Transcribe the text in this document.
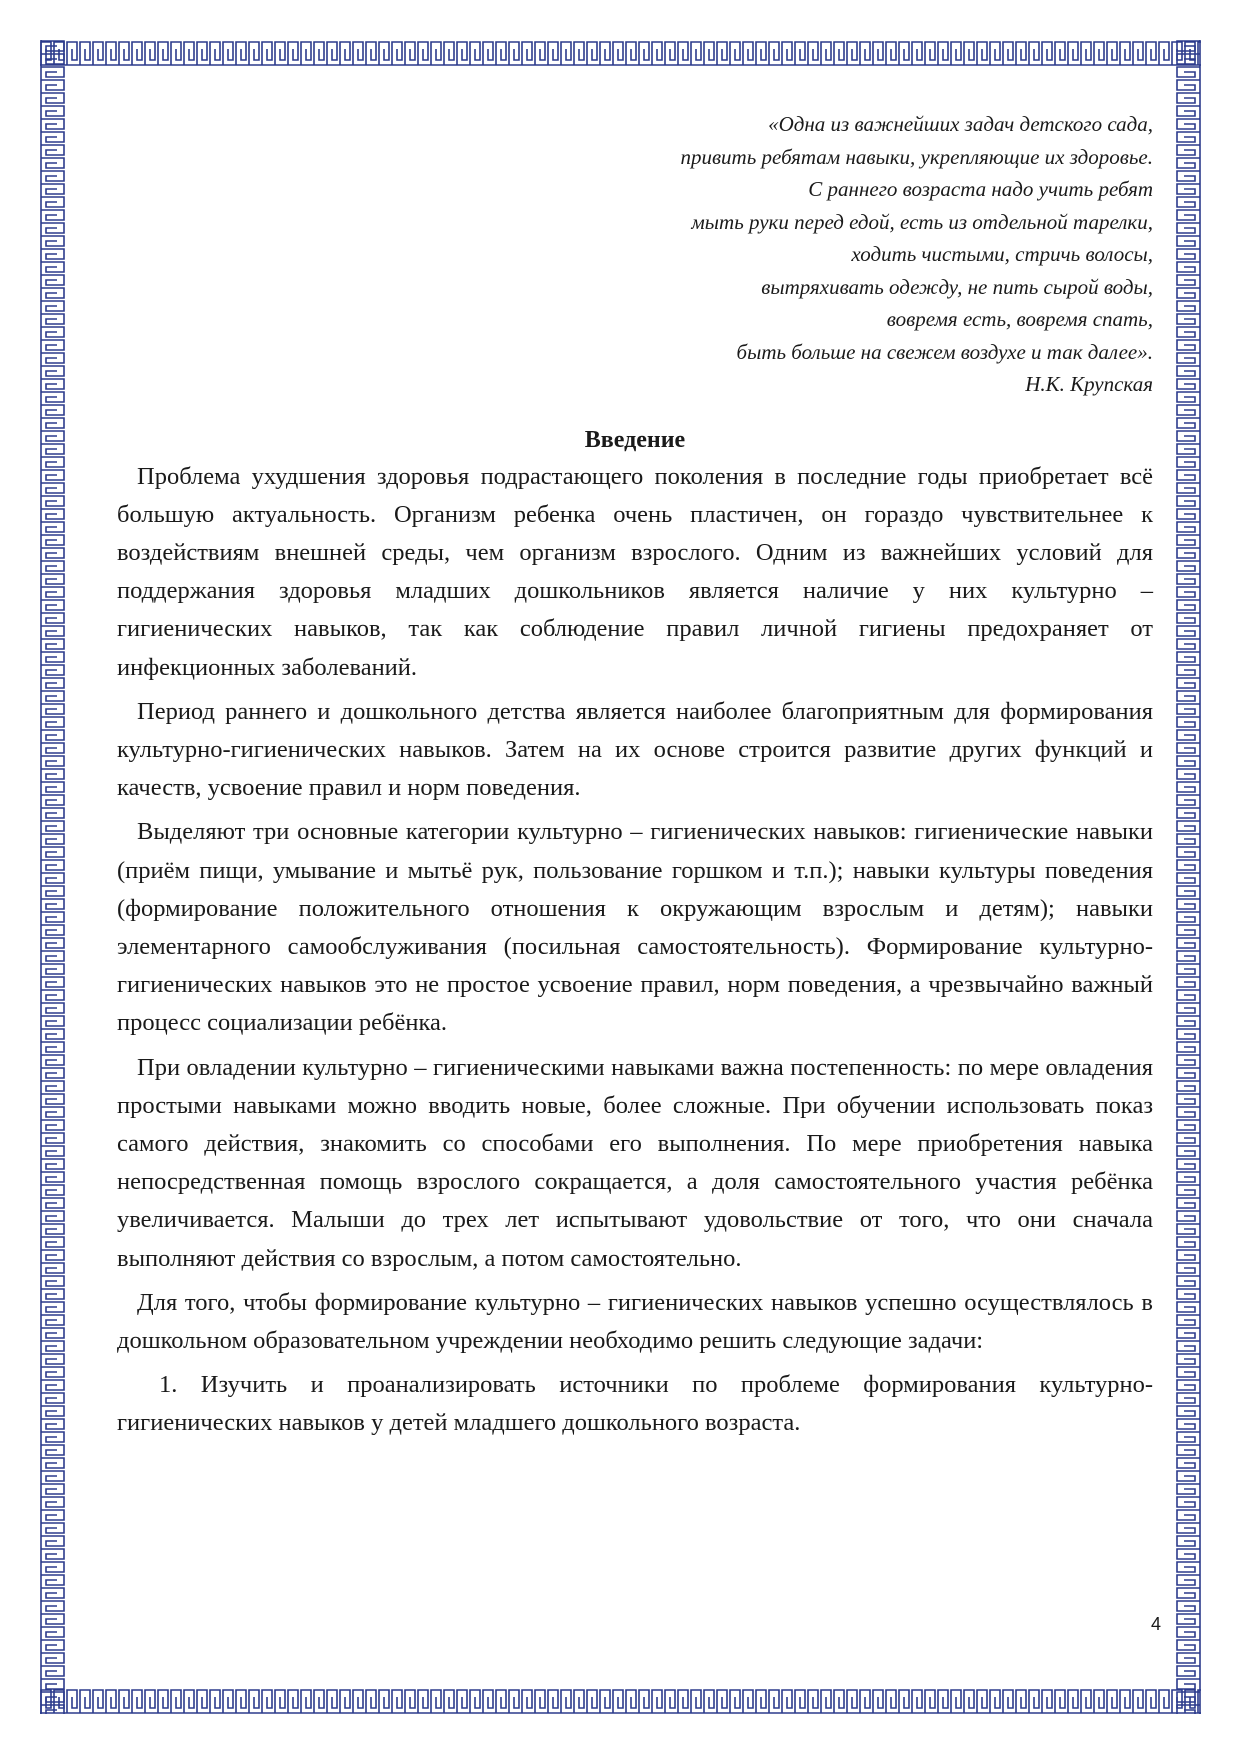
«Одна из важнейших задач детского сада,
привить ребятам навыки, укрепляющие их здоровье.
С раннего возраста надо учить ребят
мыть руки перед едой, есть из отдельной тарелки,
ходить чистыми, стричь волосы,
вытряхивать одежду, не пить сырой воды,
вовремя есть, вовремя спать,
быть больше на свежем воздухе и так далее».
Н.К. Крупская
Введение

Проблема ухудшения здоровья подрастающего поколения в последние годы приобретает всё большую актуальность. Организм ребенка очень пластичен, он гораздо чувствительнее к воздействиям внешней среды, чем организм взрослого. Одним из важнейших условий для поддержания здоровья младших дошкольников является наличие у них культурно – гигиенических навыков, так как соблюдение правил личной гигиены предохраняет от инфекционных заболеваний.

Период раннего и дошкольного детства является наиболее благоприятным для формирования культурно-гигиенических навыков. Затем на их основе строится развитие других функций и качеств, усвоение правил и норм поведения.

Выделяют три основные категории культурно – гигиенических навыков: гигиенические навыки (приём пищи, умывание и мытьё рук, пользование горшком и т.п.); навыки культуры поведения (формирование положительного отношения к окружающим взрослым и детям); навыки элементарного самообслуживания (посильная самостоятельность). Формирование культурно-гигиенических навыков это не простое усвоение правил, норм поведения, а чрезвычайно важный процесс социализации ребёнка.

При овладении культурно – гигиеническими навыками важна постепенность: по мере овладения простыми навыками можно вводить новые, более сложные. При обучении использовать показ самого действия, знакомить со способами его выполнения. По мере приобретения навыка непосредственная помощь взрослого сокращается, а доля самостоятельного участия ребёнка увеличивается. Малыши до трех лет испытывают удовольствие от того, что они сначала выполняют действия со взрослым, а потом самостоятельно.

Для того, чтобы формирование культурно – гигиенических навыков успешно осуществлялось в дошкольном образовательном учреждении необходимо решить следующие задачи:

1. Изучить и проанализировать источники по проблеме формирования культурно-гигиенических навыков у детей младшего дошкольного возраста.

4
